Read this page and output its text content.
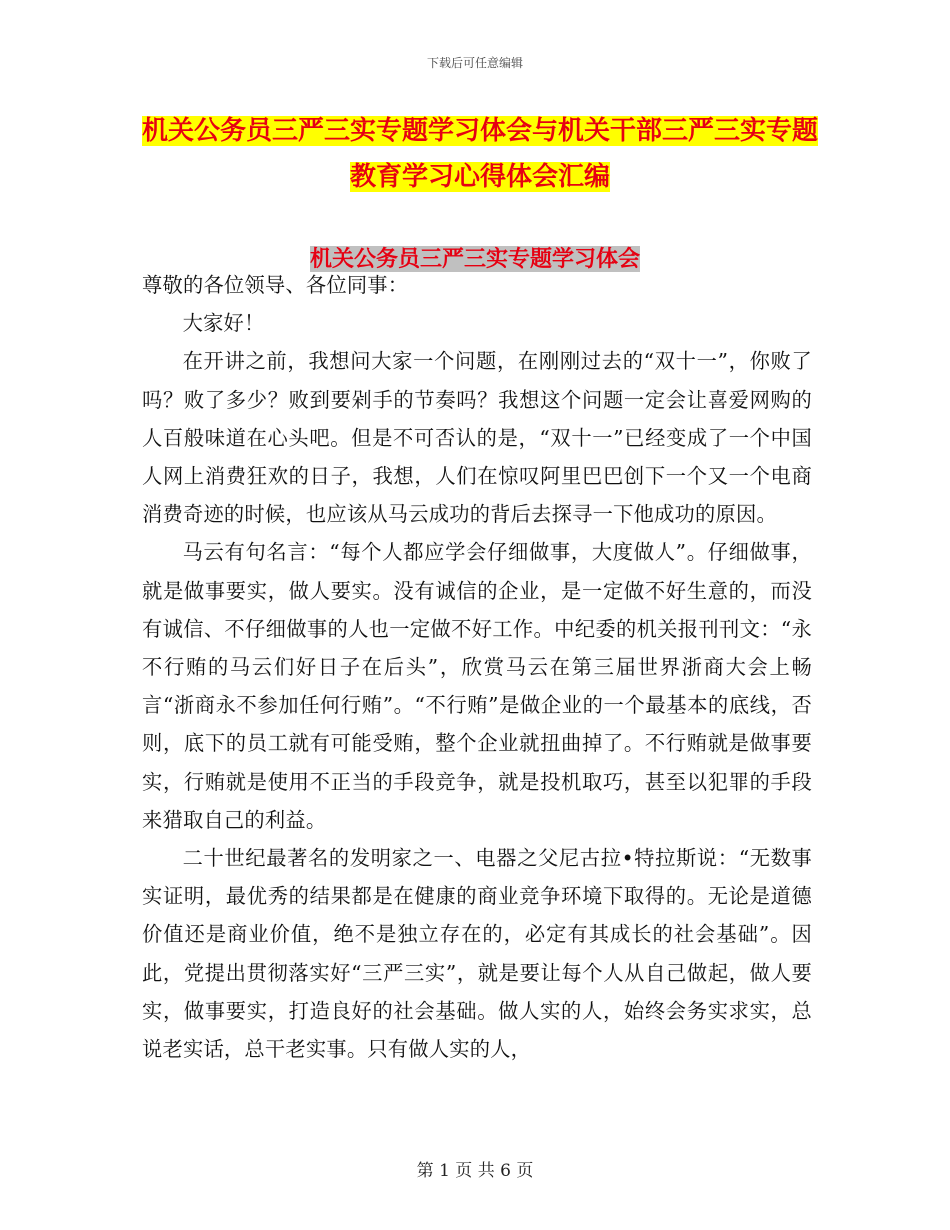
下载后可任意编辑
机关公务员三严三实专题学习体会与机关干部三严三实专题教育学习心得体会汇编
机关公务员三严三实专题学习体会

尊敬的各位领导、各位同事：

大家好！

在开讲之前，我想问大家一个问题，在刚刚过去的“双十一”，你败了吗？败了多少？败到要剁手的节奏吗？我想这个问题一定会让喜爱网购的人百般味道在心头吧。但是不可否认的是，“双十一”已经变成了一个中国人网上消费狂欢的日子，我想，人们在惊叹阿里巴巴创下一个又一个电商消费奇迹的时候，也应该从马云成功的背后去探寻一下他成功的原因。

马云有句名言：“每个人都应学会仔细做事，大度做人”。仔细做事，就是做事要实，做人要实。没有诚信的企业，是一定做不好生意的，而没有诚信、不仔细做事的人也一定做不好工作。中纪委的机关报刊刊文：“永不行贿的马云们好日子在后头”，欣赏马云在第三届世界浙商大会上畅言“浙商永不参加任何行贿”。“不行贿”是做企业的一个最基本的底线，否则，底下的员工就有可能受贿，整个企业就扭曲掉了。不行贿就是做事要实，行贿就是使用不正当的手段竞争，就是投机取巧，甚至以犯罪的手段来猎取自己的利益。

二十世纪最著名的发明家之一、电器之父尼古拉•特拉斯说：“无数事实证明，最优秀的结果都是在健康的商业竞争环境下取得的。无论是道德价值还是商业价值，绝不是独立存在的，必定有其成长的社会基础”。因此，党提出贯彻落实好“三严三实”，就是要让每个人从自己做起，做人要实，做事要实，打造良好的社会基础。做人实的人，始终会务实求实，总说老实话，总干老实事。只有做人实的人，

第 1 页 共 6 页
